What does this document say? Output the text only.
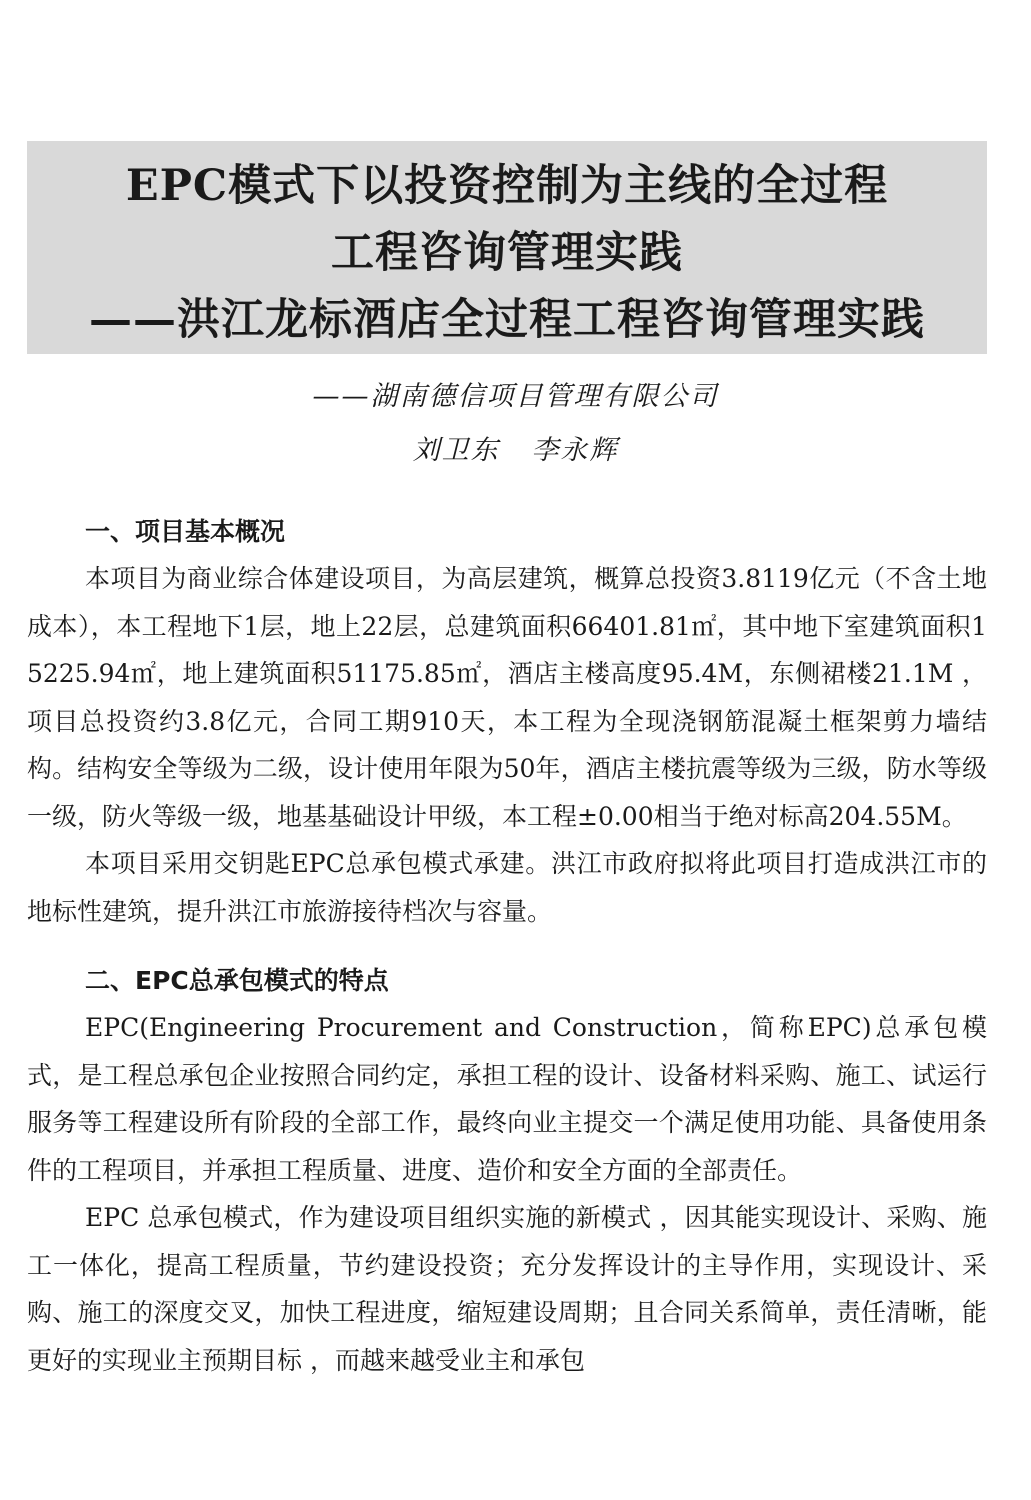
EPC模式下以投资控制为主线的全过程
工程咨询管理实践
——洪江龙标酒店全过程工程咨询管理实践
——湖南德信项目管理有限公司
刘卫东   李永辉
一、项目基本概况

本项目为商业综合体建设项目，为高层建筑，概算总投资3.8119亿元（不含土地成本），本工程地下1层，地上22层，总建筑面积66401.81㎡，其中地下室建筑面积15225.94㎡，地上建筑面积51175.85㎡，酒店主楼高度95.4M，东侧裙楼21.1M ，项目总投资约3.8亿元，合同工期910天，本工程为全现浇钢筋混凝土框架剪力墙结构。结构安全等级为二级，设计使用年限为50年，酒店主楼抗震等级为三级，防水等级一级，防火等级一级，地基基础设计甲级，本工程±0.00相当于绝对标高204.55M。

本项目采用交钥匙EPC总承包模式承建。洪江市政府拟将此项目打造成洪江市的地标性建筑，提升洪江市旅游接待档次与容量。

二、EPC总承包模式的特点

EPC(Engineering Procurement and Construction，简称EPC)总承包模式，是工程总承包企业按照合同约定，承担工程的设计、设备材料采购、施工、试运行服务等工程建设所有阶段的全部工作，最终向业主提交一个满足使用功能、具备使用条件的工程项目，并承担工程质量、进度、造价和安全方面的全部责任。

EPC 总承包模式，作为建设项目组织实施的新模式 ，因其能实现设计、采购、施工一体化，提高工程质量，节约建设投资；充分发挥设计的主导作用，实现设计、采购、施工的深度交叉，加快工程进度，缩短建设周期；且合同关系简单，责任清晰，能更好的实现业主预期目标 ，而越来越受业主和承包
